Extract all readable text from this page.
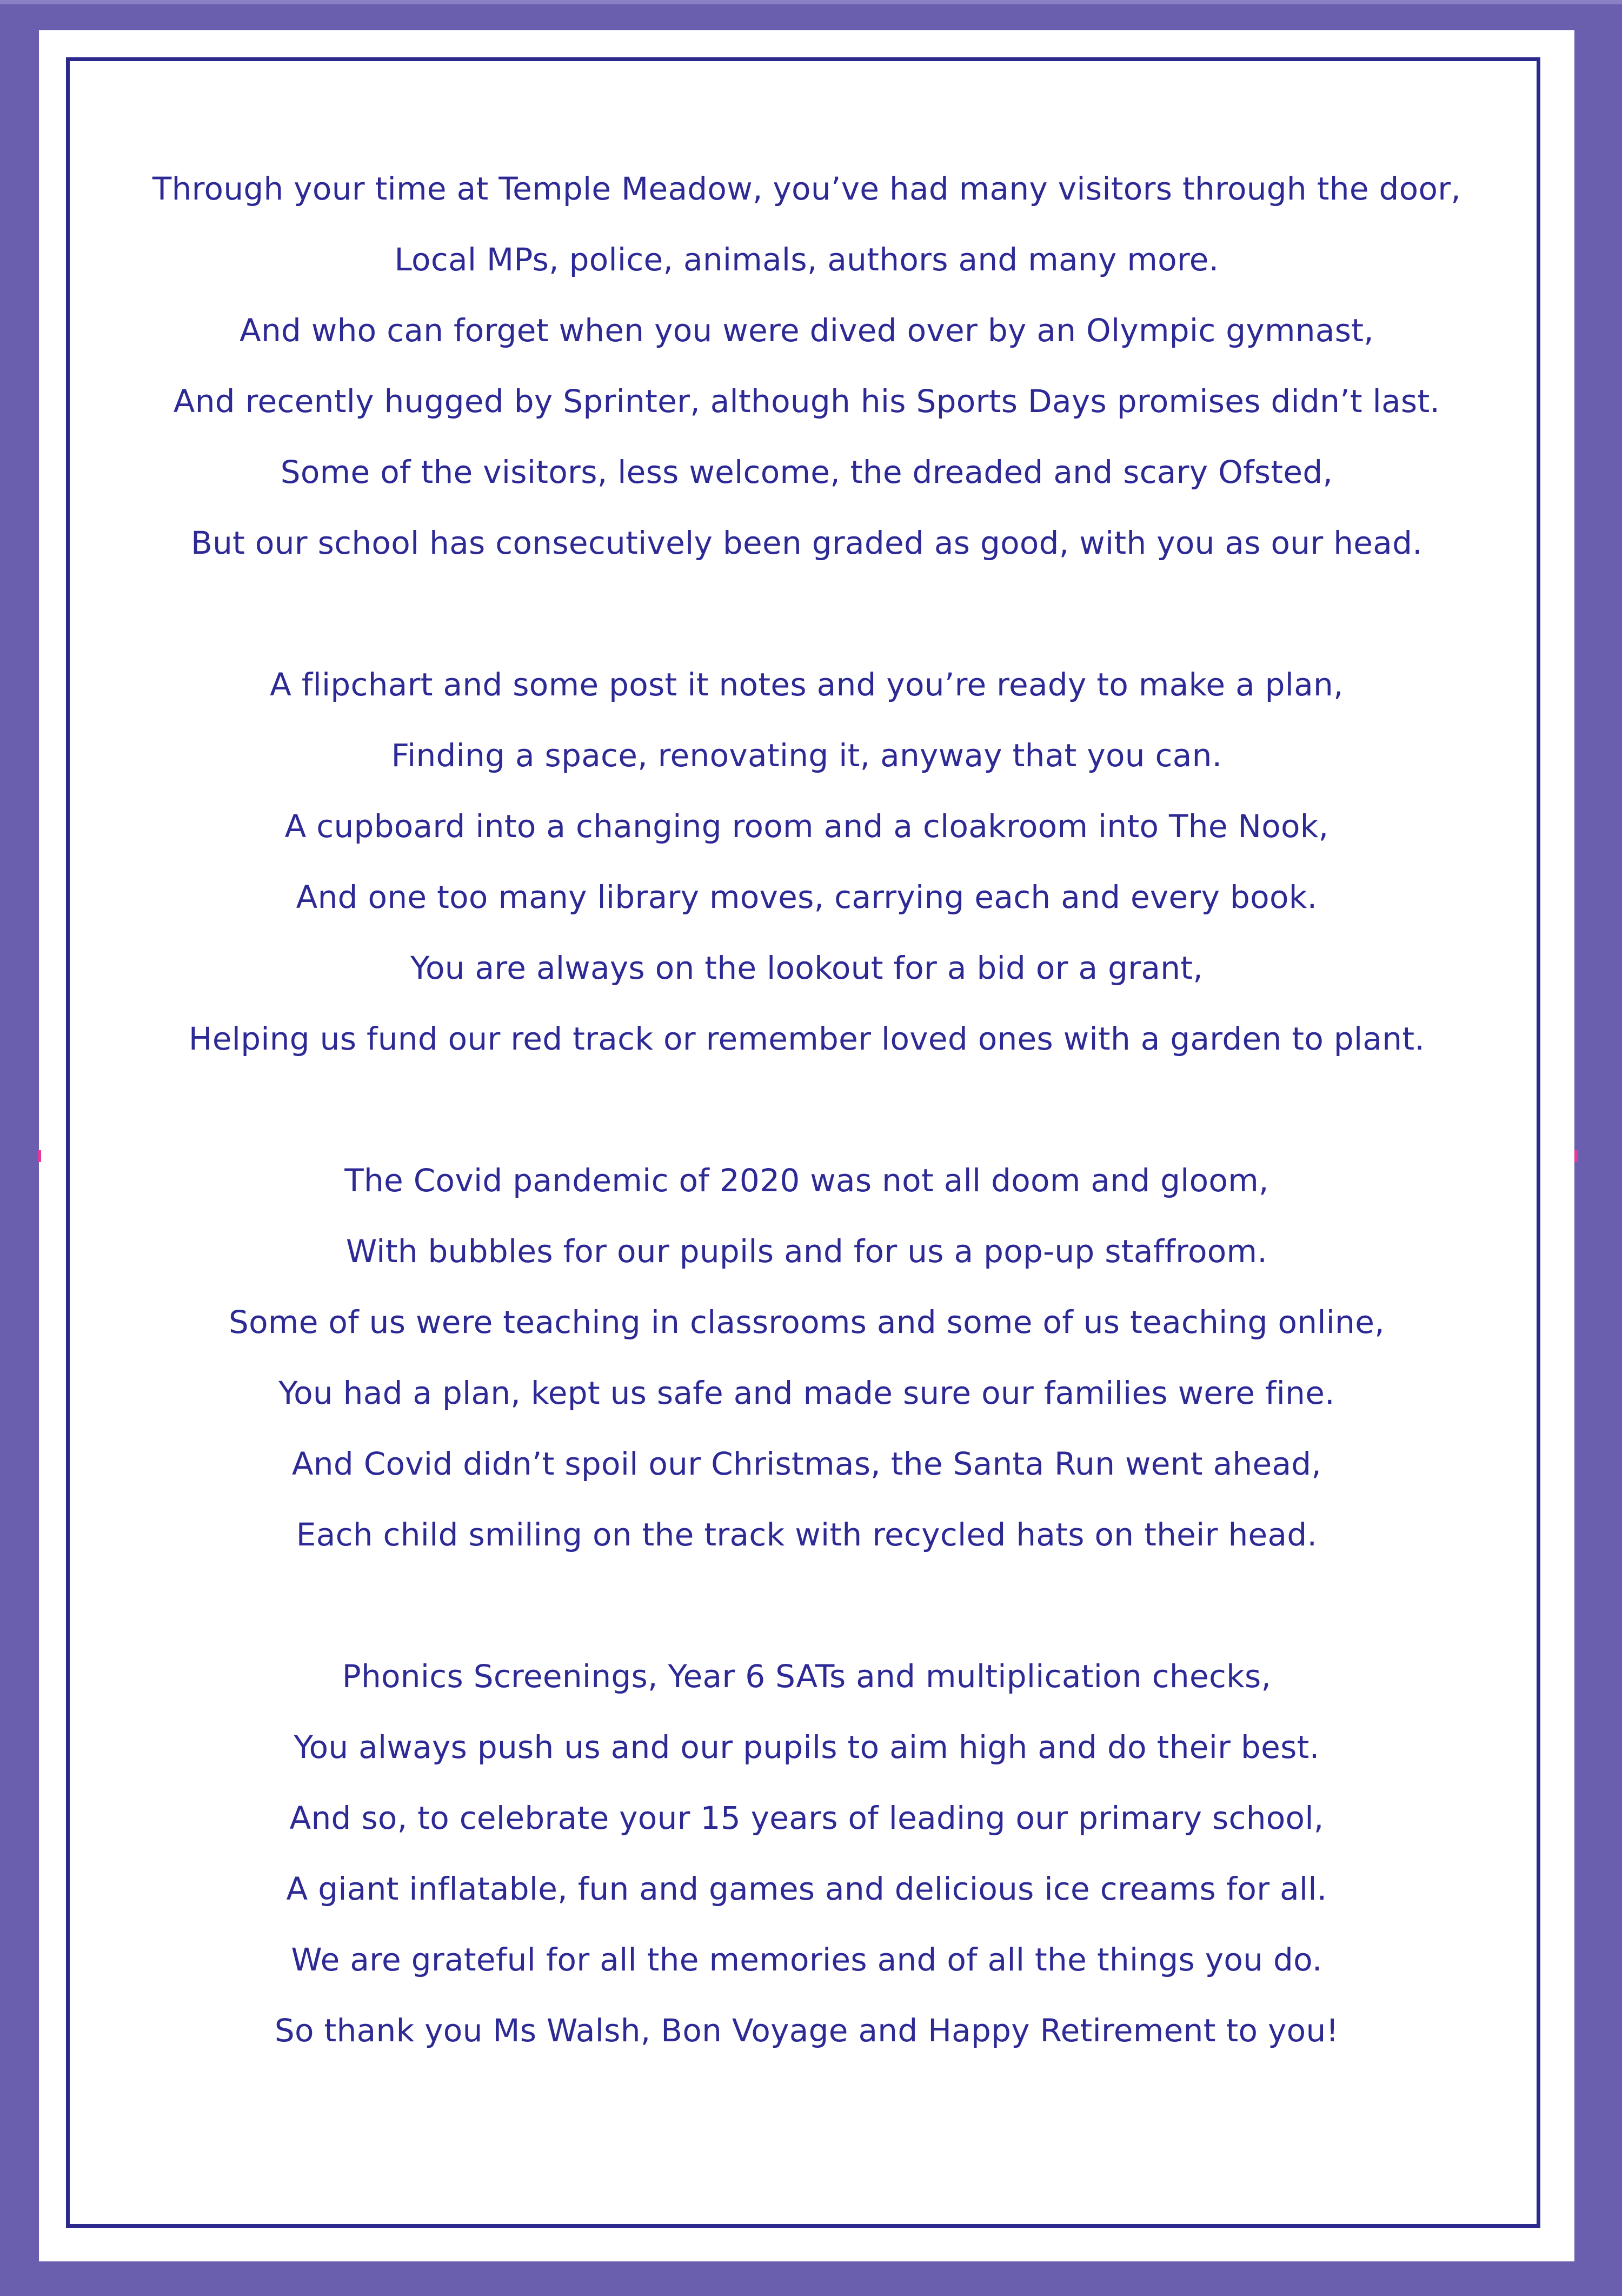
Through your time at Temple Meadow, you’ve had many visitors through the door,
Local MPs, police, animals, authors and many more.
And who can forget when you were dived over by an Olympic gymnast,
And recently hugged by Sprinter, although his Sports Days promises didn’t last.
Some of the visitors, less welcome, the dreaded and scary Ofsted,
But our school has consecutively been graded as good, with you as our head.
A flipchart and some post it notes and you’re ready to make a plan,
Finding a space, renovating it, anyway that you can.
A cupboard into a changing room and a cloakroom into The Nook,
And one too many library moves, carrying each and every book.
You are always on the lookout for a bid or a grant,
Helping us fund our red track or remember loved ones with a garden to plant.
The Covid pandemic of 2020 was not all doom and gloom,
With bubbles for our pupils and for us a pop-up staffroom.
Some of us were teaching in classrooms and some of us teaching online,
You had a plan, kept us safe and made sure our families were fine.
And Covid didn’t spoil our Christmas, the Santa Run went ahead,
Each child smiling on the track with recycled hats on their head.
Phonics Screenings, Year 6 SATs and multiplication checks,
You always push us and our pupils to aim high and do their best.
And so, to celebrate your 15 years of leading our primary school,
A giant inflatable, fun and games and delicious ice creams for all.
We are grateful for all the memories and of all the things you do.
So thank you Ms Walsh, Bon Voyage and Happy Retirement to you!
